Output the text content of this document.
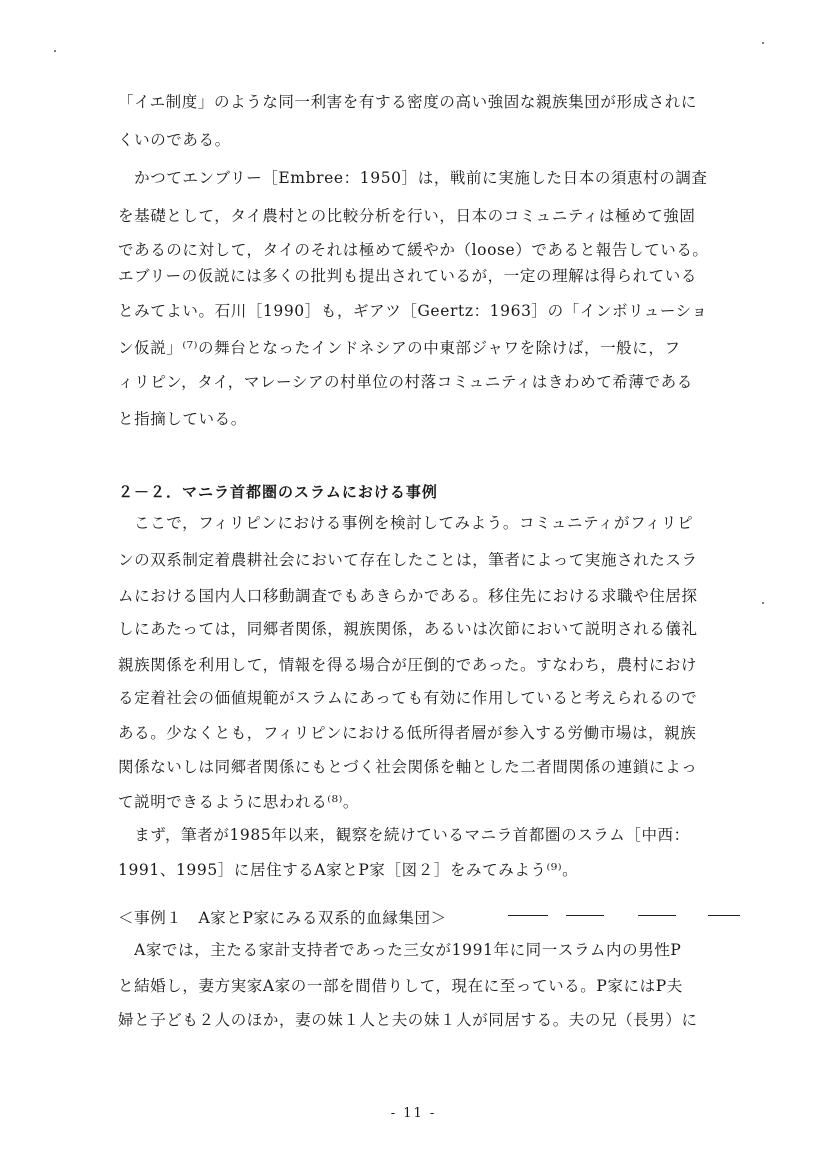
「イエ制度」のような同一利害を有する密度の高い強固な親族集団が形成されに
くいのである。
　かつてエンブリー［Embree：1950］は，戦前に実施した日本の須恵村の調査
を基礎として，タイ農村との比較分析を行い，日本のコミュニティは極めて強固
であるのに対して，タイのそれは極めて緩やか（loose）であると報告している。
エブリーの仮説には多くの批判も提出されているが，一定の理解は得られている
とみてよい。石川［1990］も，ギアツ［Geertz：1963］の「インボリューショ
ン仮説」⁽⁷⁾の舞台となったインドネシアの中東部ジャワを除けば，一般に，フ
ィリピン，タイ，マレーシアの村単位の村落コミュニティはきわめて希薄である
と指摘している。
２－２．マニラ首都圏のスラムにおける事例
　ここで，フィリピンにおける事例を検討してみよう。コミュニティがフィリピ
ンの双系制定着農耕社会において存在したことは，筆者によって実施されたスラ
ムにおける国内人口移動調査でもあきらかである。移住先における求職や住居探
しにあたっては，同郷者関係，親族関係，あるいは次節において説明される儀礼
親族関係を利用して，情報を得る場合が圧倒的であった。すなわち，農村におけ
る定着社会の価値規範がスラムにあっても有効に作用していると考えられるので
ある。少なくとも，フィリピンにおける低所得者層が参入する労働市場は，親族
関係ないしは同郷者関係にもとづく社会関係を軸とした二者間関係の連鎖によっ
て説明できるように思われる⁽⁸⁾。
　まず，筆者が1985年以来，観察を続けているマニラ首都圏のスラム［中西：
1991、1995］に居住するA家とP家［図２］をみてみよう⁽⁹⁾。
＜事例１　A家とP家にみる双系的血縁集団＞
　A家では，主たる家計支持者であった三女が1991年に同一スラム内の男性P
と結婚し，妻方実家A家の一部を間借りして，現在に至っている。P家にはP夫
婦と子ども２人のほか，妻の妹１人と夫の妹１人が同居する。夫の兄（長男）に
- 11 -
